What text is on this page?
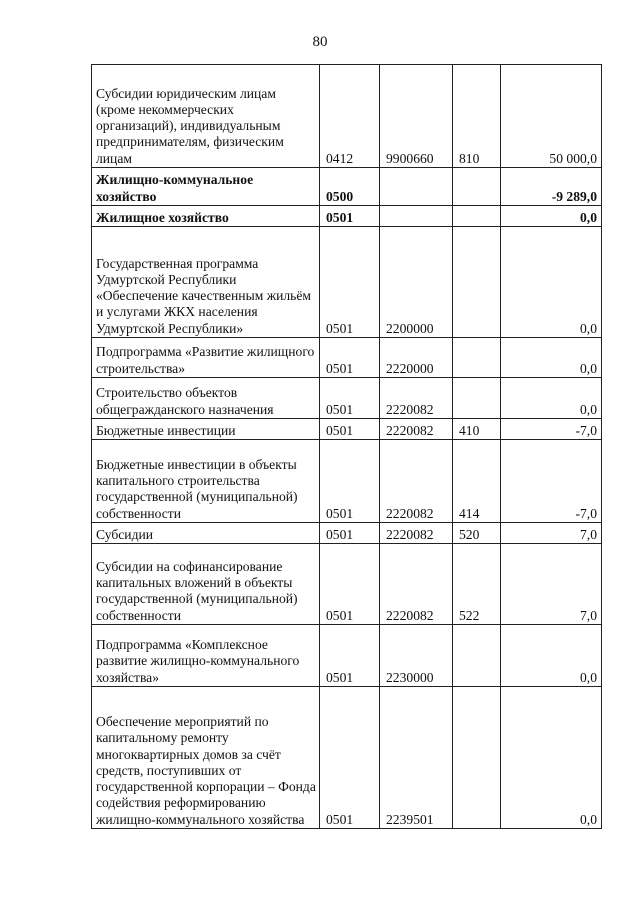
80
Субсидии юридическим лицам (кроме некоммерческих организаций), индивидуальным предпринимателям, физическим лицам	0412	9900660	810	50 000,0
Жилищно-коммунальное хозяйство	0500			-9 289,0
Жилищное хозяйство	0501			0,0
Государственная программа Удмуртской Республики «Обеспечение качественным жильём и услугами ЖКХ населения Удмуртской Республики»	0501	2200000		0,0
Подпрограмма «Развитие жилищного строительства»	0501	2220000		0,0
Строительство объектов общегражданского назначения	0501	2220082		0,0
Бюджетные инвестиции	0501	2220082	410	-7,0
Бюджетные инвестиции в объекты капитального строительства государственной (муниципальной) собственности	0501	2220082	414	-7,0
Субсидии	0501	2220082	520	7,0
Субсидии на софинансирование капитальных вложений в объекты государственной (муниципальной) собственности	0501	2220082	522	7,0
Подпрограмма «Комплексное развитие жилищно-коммунального хозяйства»	0501	2230000		0,0
Обеспечение мероприятий по капитальному ремонту многоквартирных домов за счёт средств, поступивших от государственной корпорации – Фонда содействия реформированию жилищно-коммунального хозяйства	0501	2239501		0,0
